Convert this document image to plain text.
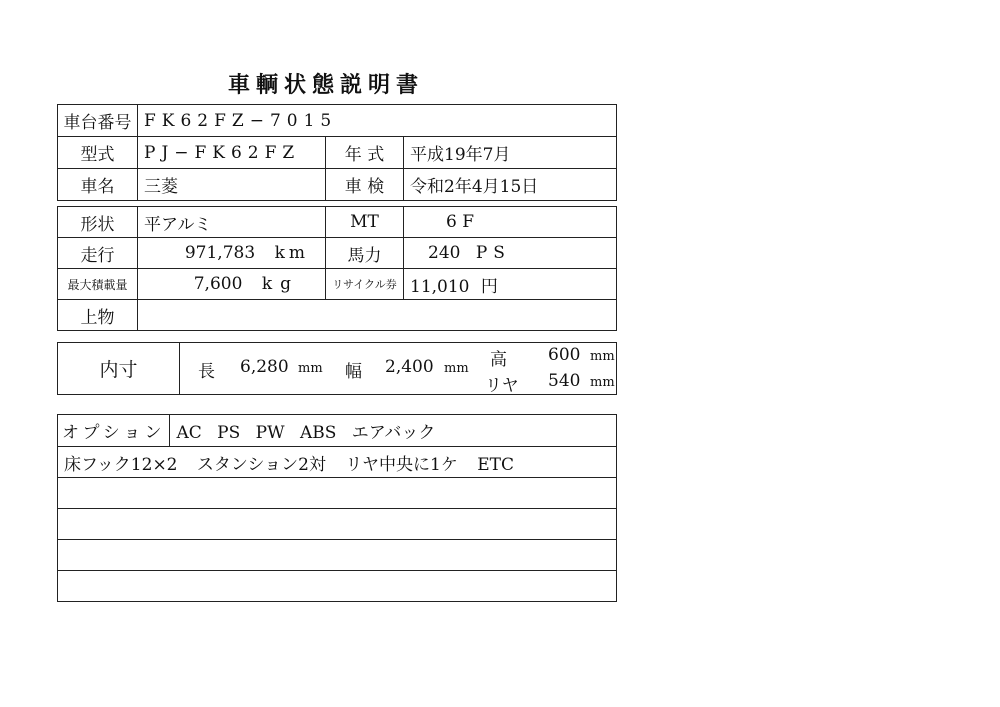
車輌状態説明書
車台番号	FK62FZ−7015		
型式	PJ−FK62FZ	年 式	平成19年7月
車名	三菱	車 検	令和2年4月15日
形状	平アルミ	MT	6 F
走行	971,783 km	馬力	240 PS
最大積載量	7,600 kg	リサイクル券	11,010 円
上物			
内寸	長 6,280 mm 幅 2,400 mm 高 600 mm
リヤ 540 mm
オプション	AC PS PW ABS エアバック
床フック12×2 スタンション2対 リヤ中央に1ケ ETC
